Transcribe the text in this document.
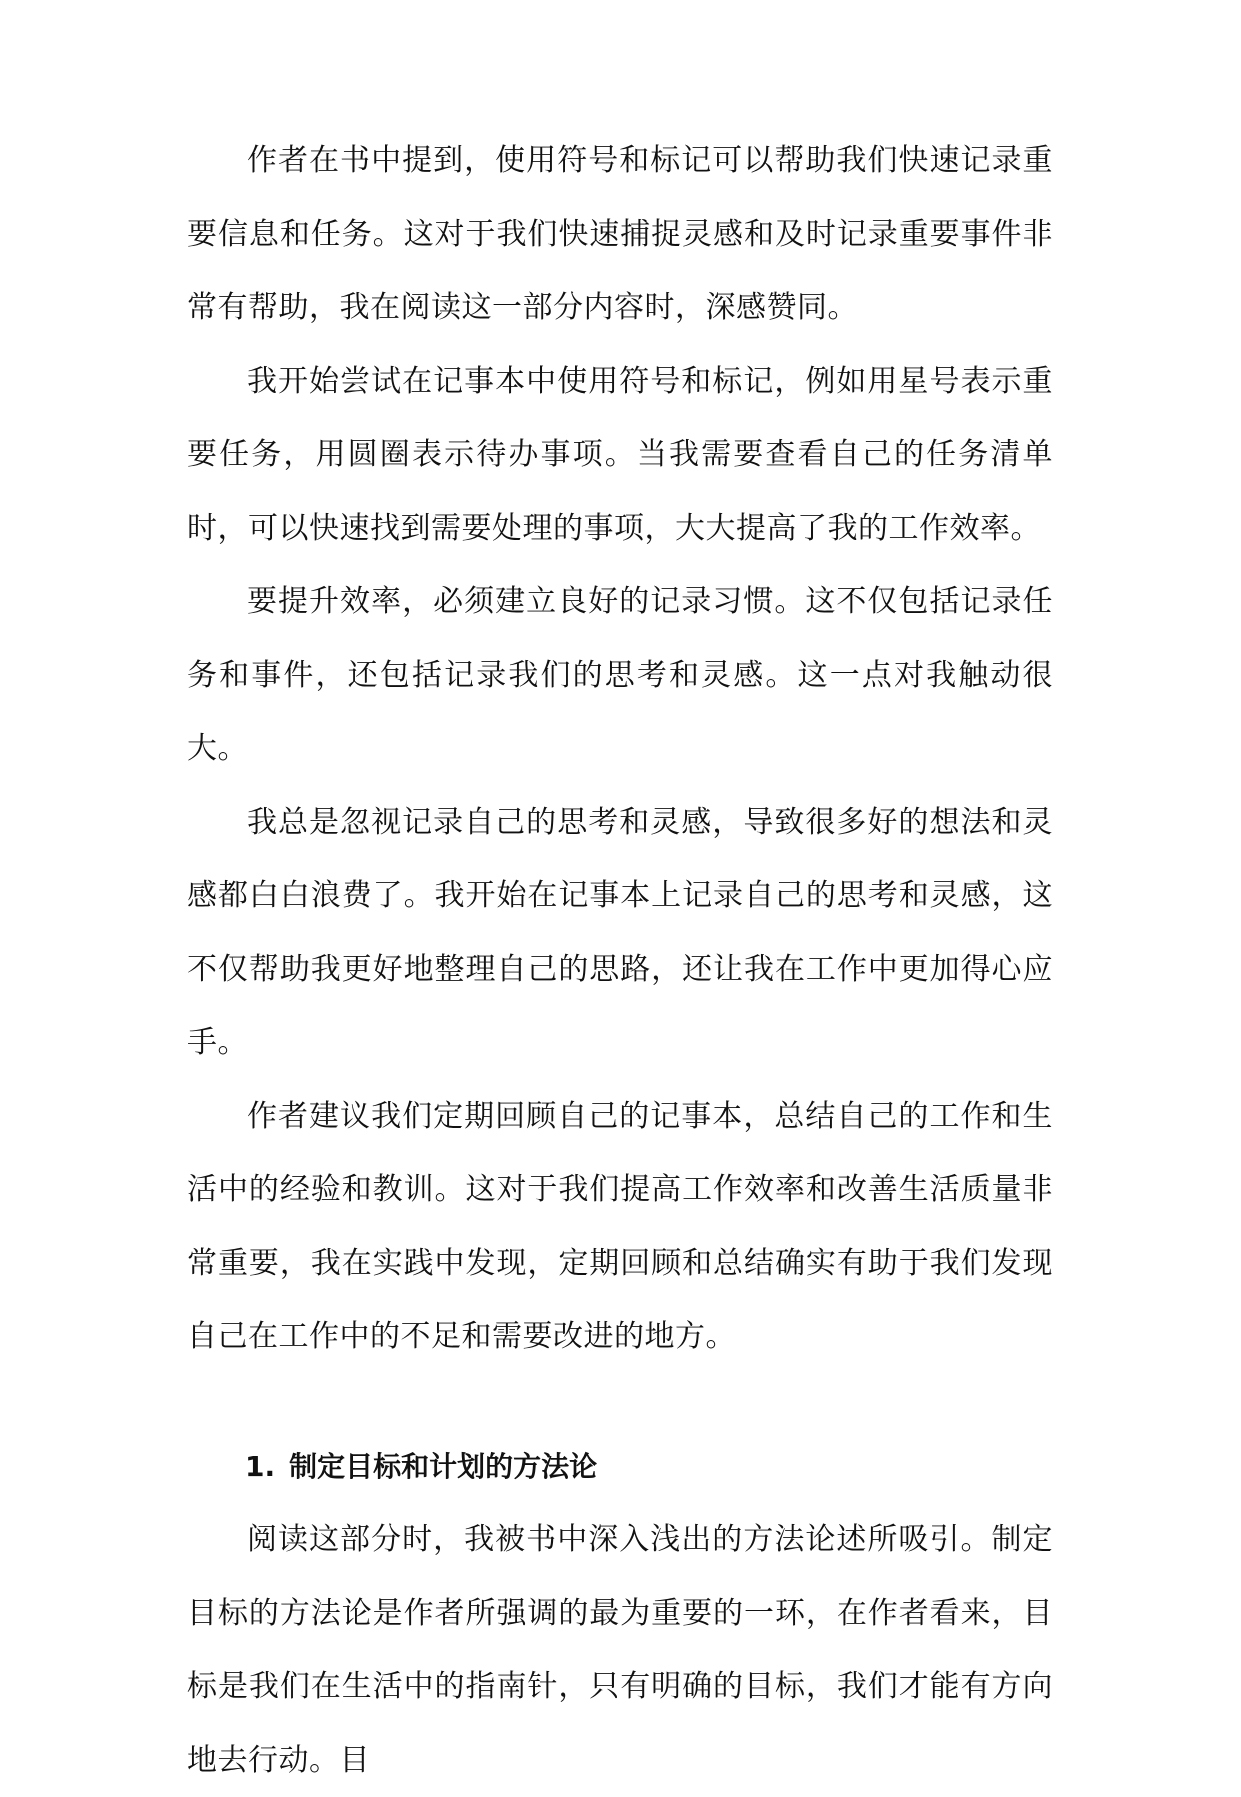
作者在书中提到，使用符号和标记可以帮助我们快速记录重要信息和任务。这对于我们快速捕捉灵感和及时记录重要事件非常有帮助，我在阅读这一部分内容时，深感赞同。

我开始尝试在记事本中使用符号和标记，例如用星号表示重要任务，用圆圈表示待办事项。当我需要查看自己的任务清单时，可以快速找到需要处理的事项，大大提高了我的工作效率。

要提升效率，必须建立良好的记录习惯。这不仅包括记录任务和事件，还包括记录我们的思考和灵感。这一点对我触动很大。

我总是忽视记录自己的思考和灵感，导致很多好的想法和灵感都白白浪费了。我开始在记事本上记录自己的思考和灵感，这不仅帮助我更好地整理自己的思路，还让我在工作中更加得心应手。

作者建议我们定期回顾自己的记事本，总结自己的工作和生活中的经验和教训。这对于我们提高工作效率和改善生活质量非常重要，我在实践中发现，定期回顾和总结确实有助于我们发现自己在工作中的不足和需要改进的地方。

1. 制定目标和计划的方法论

阅读这部分时，我被书中深入浅出的方法论述所吸引。制定目标的方法论是作者所强调的最为重要的一环，在作者看来，目标是我们在生活中的指南针，只有明确的目标，我们才能有方向地去行动。目
